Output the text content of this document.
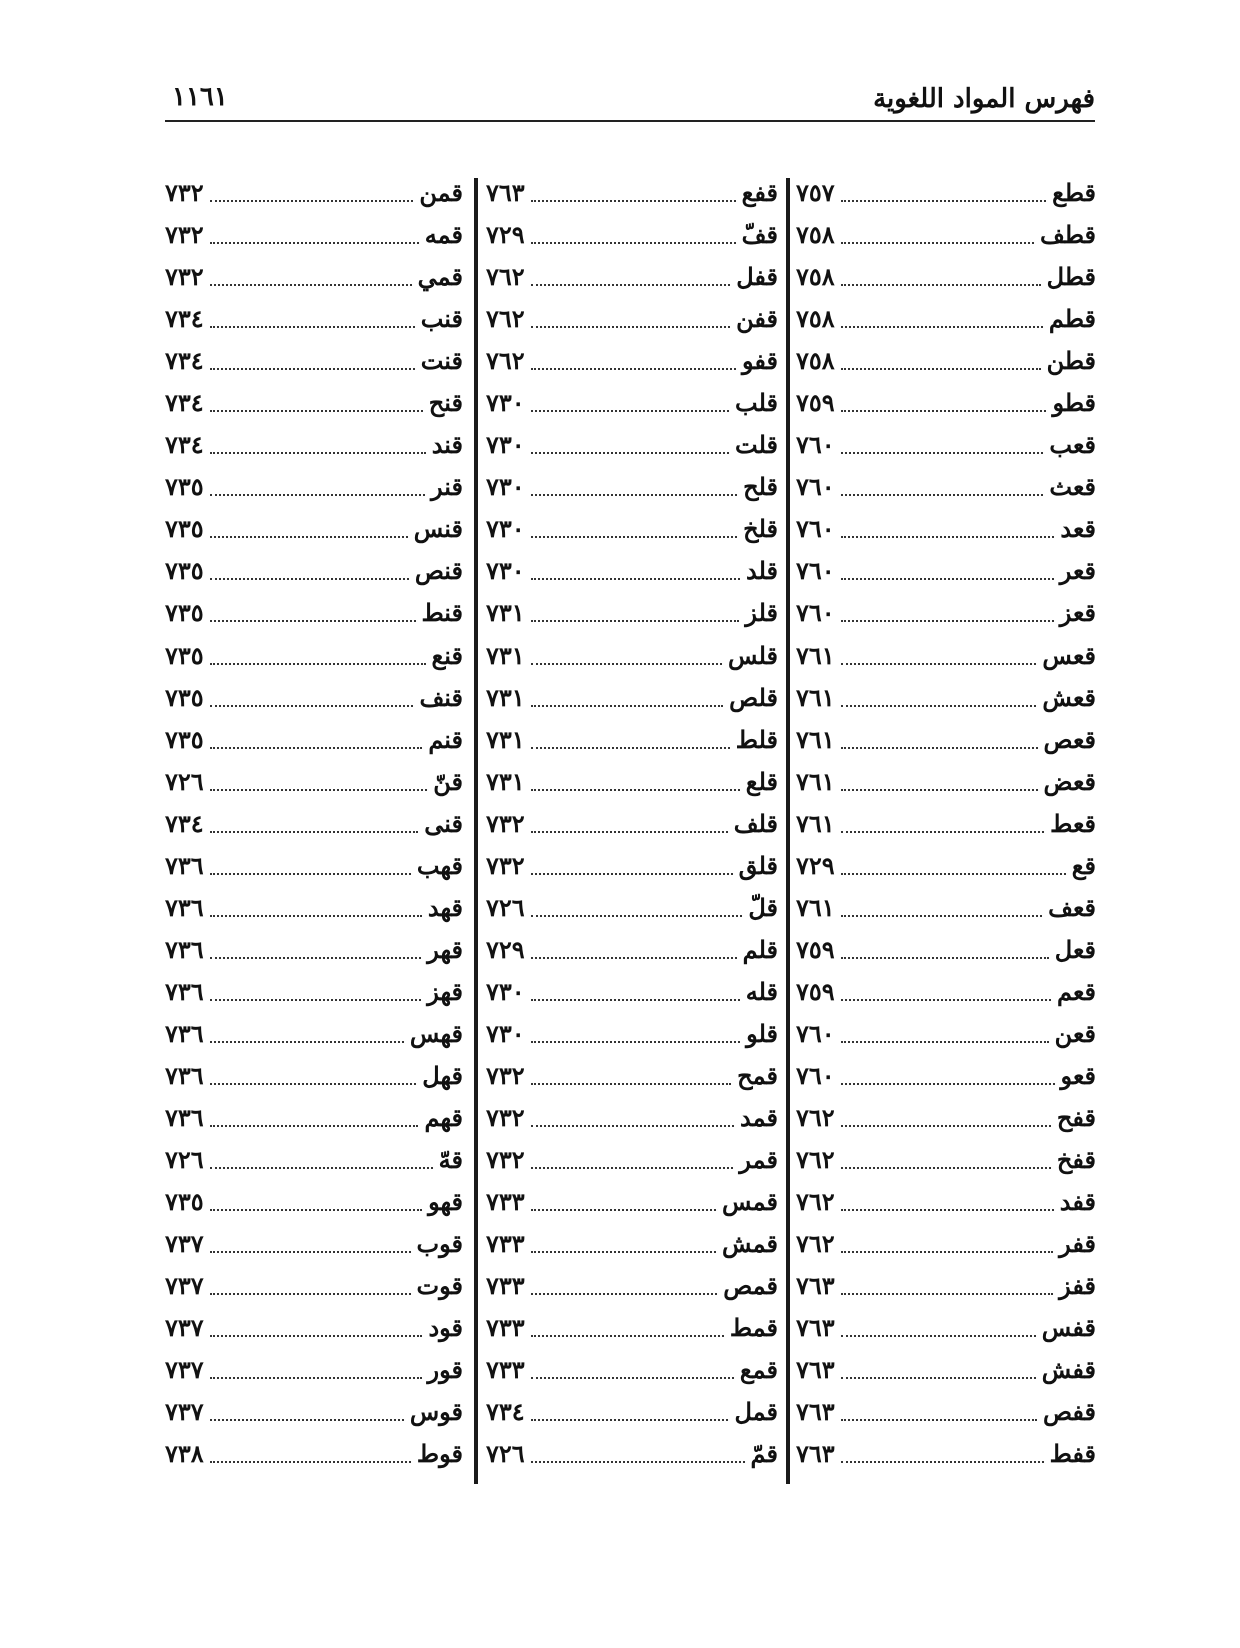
فهرس المواد اللغوية
١١٦١
قطع
٧٥٧
قطف
٧٥٨
قطل
٧٥٨
قطم
٧٥٨
قطن
٧٥٨
قطو
٧٥٩
قعب
٧٦٠
قعث
٧٦٠
قعد
٧٦٠
قعر
٧٦٠
قعز
٧٦٠
قعس
٧٦١
قعش
٧٦١
قعص
٧٦١
قعض
٧٦١
قعط
٧٦١
قع
٧٢٩
قعف
٧٦١
قعل
٧٥٩
قعم
٧٥٩
قعن
٧٦٠
قعو
٧٦٠
قفح
٧٦٢
قفخ
٧٦٢
قفد
٧٦٢
قفر
٧٦٢
قفز
٧٦٣
قفس
٧٦٣
قفش
٧٦٣
قفص
٧٦٣
قفط
٧٦٣
قفع
٧٦٣
قفّ
٧٢٩
قفل
٧٦٢
قفن
٧٦٢
قفو
٧٦٢
قلب
٧٣٠
قلت
٧٣٠
قلح
٧٣٠
قلخ
٧٣٠
قلد
٧٣٠
قلز
٧٣١
قلس
٧٣١
قلص
٧٣١
قلط
٧٣١
قلع
٧٣١
قلف
٧٣٢
قلق
٧٣٢
قلّ
٧٢٦
قلم
٧٢٩
قله
٧٣٠
قلو
٧٣٠
قمح
٧٣٢
قمد
٧٣٢
قمر
٧٣٢
قمس
٧٣٣
قمش
٧٣٣
قمص
٧٣٣
قمط
٧٣٣
قمع
٧٣٣
قمل
٧٣٤
قمّ
٧٢٦
قمن
٧٣٢
قمه
٧٣٢
قمي
٧٣٢
قنب
٧٣٤
قنت
٧٣٤
قنح
٧٣٤
قند
٧٣٤
قنر
٧٣٥
قنس
٧٣٥
قنص
٧٣٥
قنط
٧٣٥
قنع
٧٣٥
قنف
٧٣٥
قنم
٧٣٥
قنّ
٧٢٦
قنى
٧٣٤
قهب
٧٣٦
قهد
٧٣٦
قهر
٧٣٦
قهز
٧٣٦
قهس
٧٣٦
قهل
٧٣٦
قهم
٧٣٦
قهّ
٧٢٦
قهو
٧٣٥
قوب
٧٣٧
قوت
٧٣٧
قود
٧٣٧
قور
٧٣٧
قوس
٧٣٧
قوط
٧٣٨
